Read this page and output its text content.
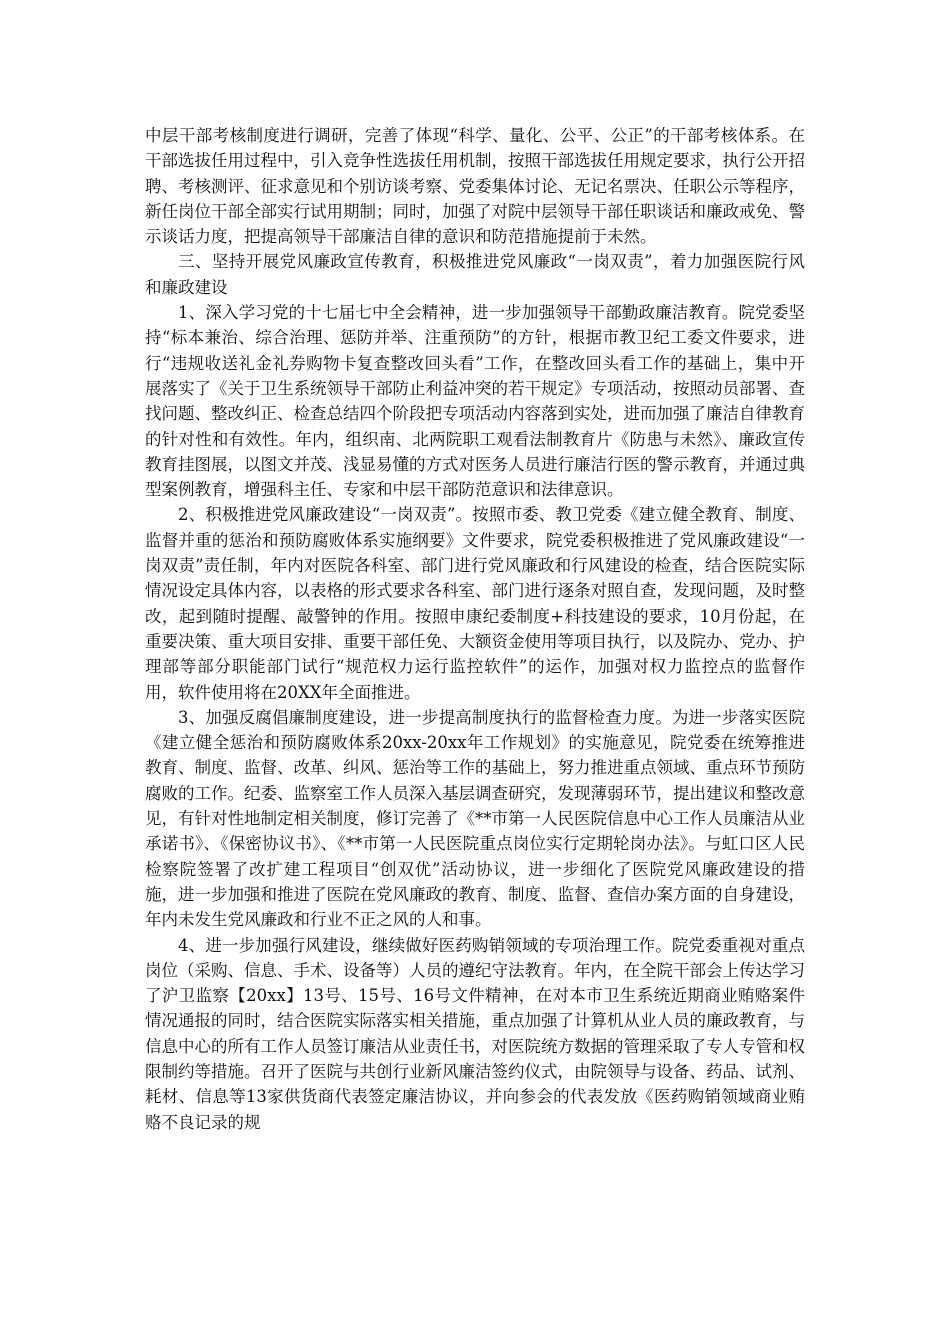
中层干部考核制度进行调研，完善了体现“科学、量化、公平、公正”的干部考核体系。在干部选拔任用过程中，引入竞争性选拔任用机制，按照干部选拔任用规定要求，执行公开招聘、考核测评、征求意见和个别访谈考察、党委集体讨论、无记名票决、任职公示等程序，新任岗位干部全部实行试用期制；同时，加强了对院中层领导干部任职谈话和廉政戒免、警示谈话力度，把提高领导干部廉洁自律的意识和防范措施提前于未然。

三、坚持开展党风廉政宣传教育，积极推进党风廉政“一岗双责”，着力加强医院行风和廉政建设

1、深入学习党的十七届七中全会精神，进一步加强领导干部勤政廉洁教育。院党委坚持“标本兼治、综合治理、惩防并举、注重预防”的方针，根据市教卫纪工委文件要求，进行“违规收送礼金礼券购物卡复查整改回头看”工作，在整改回头看工作的基础上，集中开展落实了《关于卫生系统领导干部防止利益冲突的若干规定》专项活动，按照动员部署、查找问题、整改纠正、检查总结四个阶段把专项活动内容落到实处，进而加强了廉洁自律教育的针对性和有效性。年内，组织南、北两院职工观看法制教育片《防患与未然》、廉政宣传教育挂图展，以图文并茂、浅显易懂的方式对医务人员进行廉洁行医的警示教育，并通过典型案例教育，增强科主任、专家和中层干部防范意识和法律意识。

2、积极推进党风廉政建设“一岗双责”。按照市委、教卫党委《建立健全教育、制度、监督并重的惩治和预防腐败体系实施纲要》文件要求，院党委积极推进了党风廉政建设“一岗双责”责任制，年内对医院各科室、部门进行党风廉政和行风建设的检查，结合医院实际情况设定具体内容，以表格的形式要求各科室、部门进行逐条对照自查，发现问题，及时整改，起到随时提醒、敲警钟的作用。按照申康纪委制度+科技建设的要求，10月份起，在重要决策、重大项目安排、重要干部任免、大额资金使用等项目执行，以及院办、党办、护理部等部分职能部门试行“规范权力运行监控软件”的运作，加强对权力监控点的监督作用，软件使用将在20XX年全面推进。

3、加强反腐倡廉制度建设，进一步提高制度执行的监督检查力度。为进一步落实医院《建立健全惩治和预防腐败体系20xx-20xx年工作规划》的实施意见，院党委在统筹推进教育、制度、监督、改革、纠风、惩治等工作的基础上，努力推进重点领域、重点环节预防腐败的工作。纪委、监察室工作人员深入基层调查研究，发现薄弱环节，提出建议和整改意见，有针对性地制定相关制度，修订完善了《**市第一人民医院信息中心工作人员廉洁从业承诺书》、《保密协议书》、《**市第一人民医院重点岗位实行定期轮岗办法》。与虹口区人民检察院签署了改扩建工程项目“创双优”活动协议，进一步细化了医院党风廉政建设的措施，进一步加强和推进了医院在党风廉政的教育、制度、监督、查信办案方面的自身建设，年内未发生党风廉政和行业不正之风的人和事。

4、进一步加强行风建设，继续做好医药购销领域的专项治理工作。院党委重视对重点岗位（采购、信息、手术、设备等）人员的遵纪守法教育。年内，在全院干部会上传达学习了沪卫监察【20xx】13号、15号、16号文件精神，在对本市卫生系统近期商业贿赂案件情况通报的同时，结合医院实际落实相关措施，重点加强了计算机从业人员的廉政教育，与信息中心的所有工作人员签订廉洁从业责任书，对医院统方数据的管理采取了专人专管和权限制约等措施。召开了医院与共创行业新风廉洁签约仪式，由院领导与设备、药品、试剂、耗材、信息等13家供货商代表签定廉洁协议，并向参会的代表发放《医药购销领域商业贿赂不良记录的规
